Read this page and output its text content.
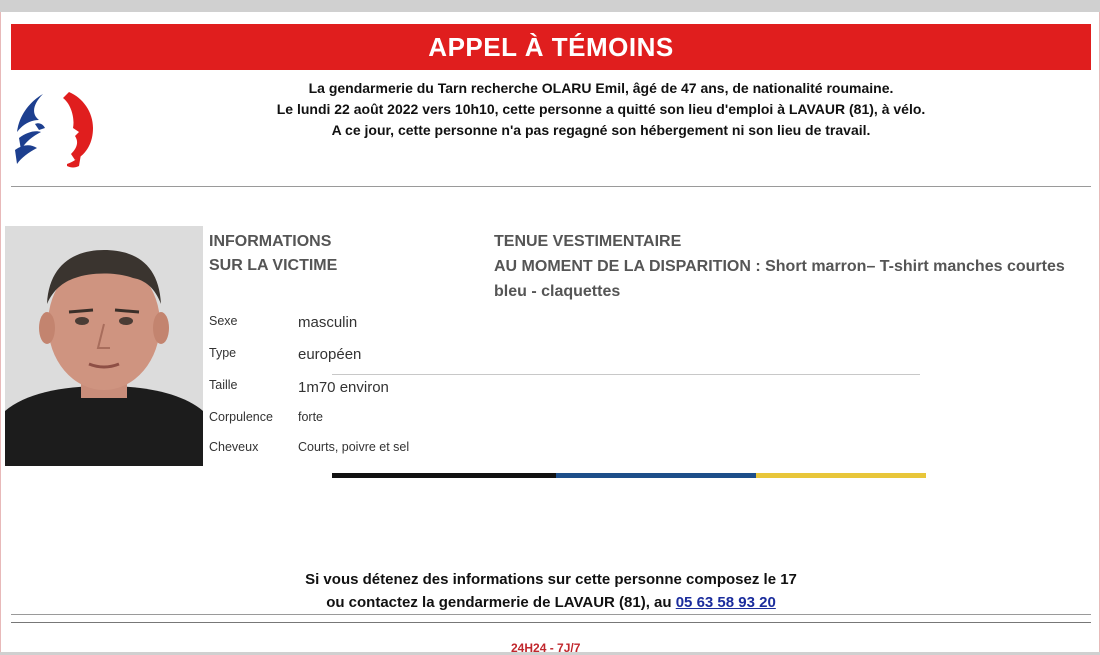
APPEL À TÉMOINS
La gendarmerie du Tarn recherche OLARU Emil, âgé de 47 ans, de nationalité roumaine.
Le lundi 22 août 2022 vers 10h10, cette personne a quitté son lieu d'emploi à LAVAUR (81), à vélo.
A ce jour, cette personne n'a pas regagné son hébergement ni son lieu de travail.
INFORMATIONS
SUR LA VICTIME
TENUE VESTIMENTAIRE
AU MOMENT DE LA DISPARITION : Short marron– T-shirt manches courtes bleu - claquettes
Sexe	masculin
Type	européen
Taille	1m70 environ
Corpulence forte
Cheveux	Courts, poivre et sel
Si vous détenez des informations sur cette personne composez le 17
ou contactez la gendarmerie de LAVAUR (81), au 05 63 58 93 20
24H24 - 7J/7
